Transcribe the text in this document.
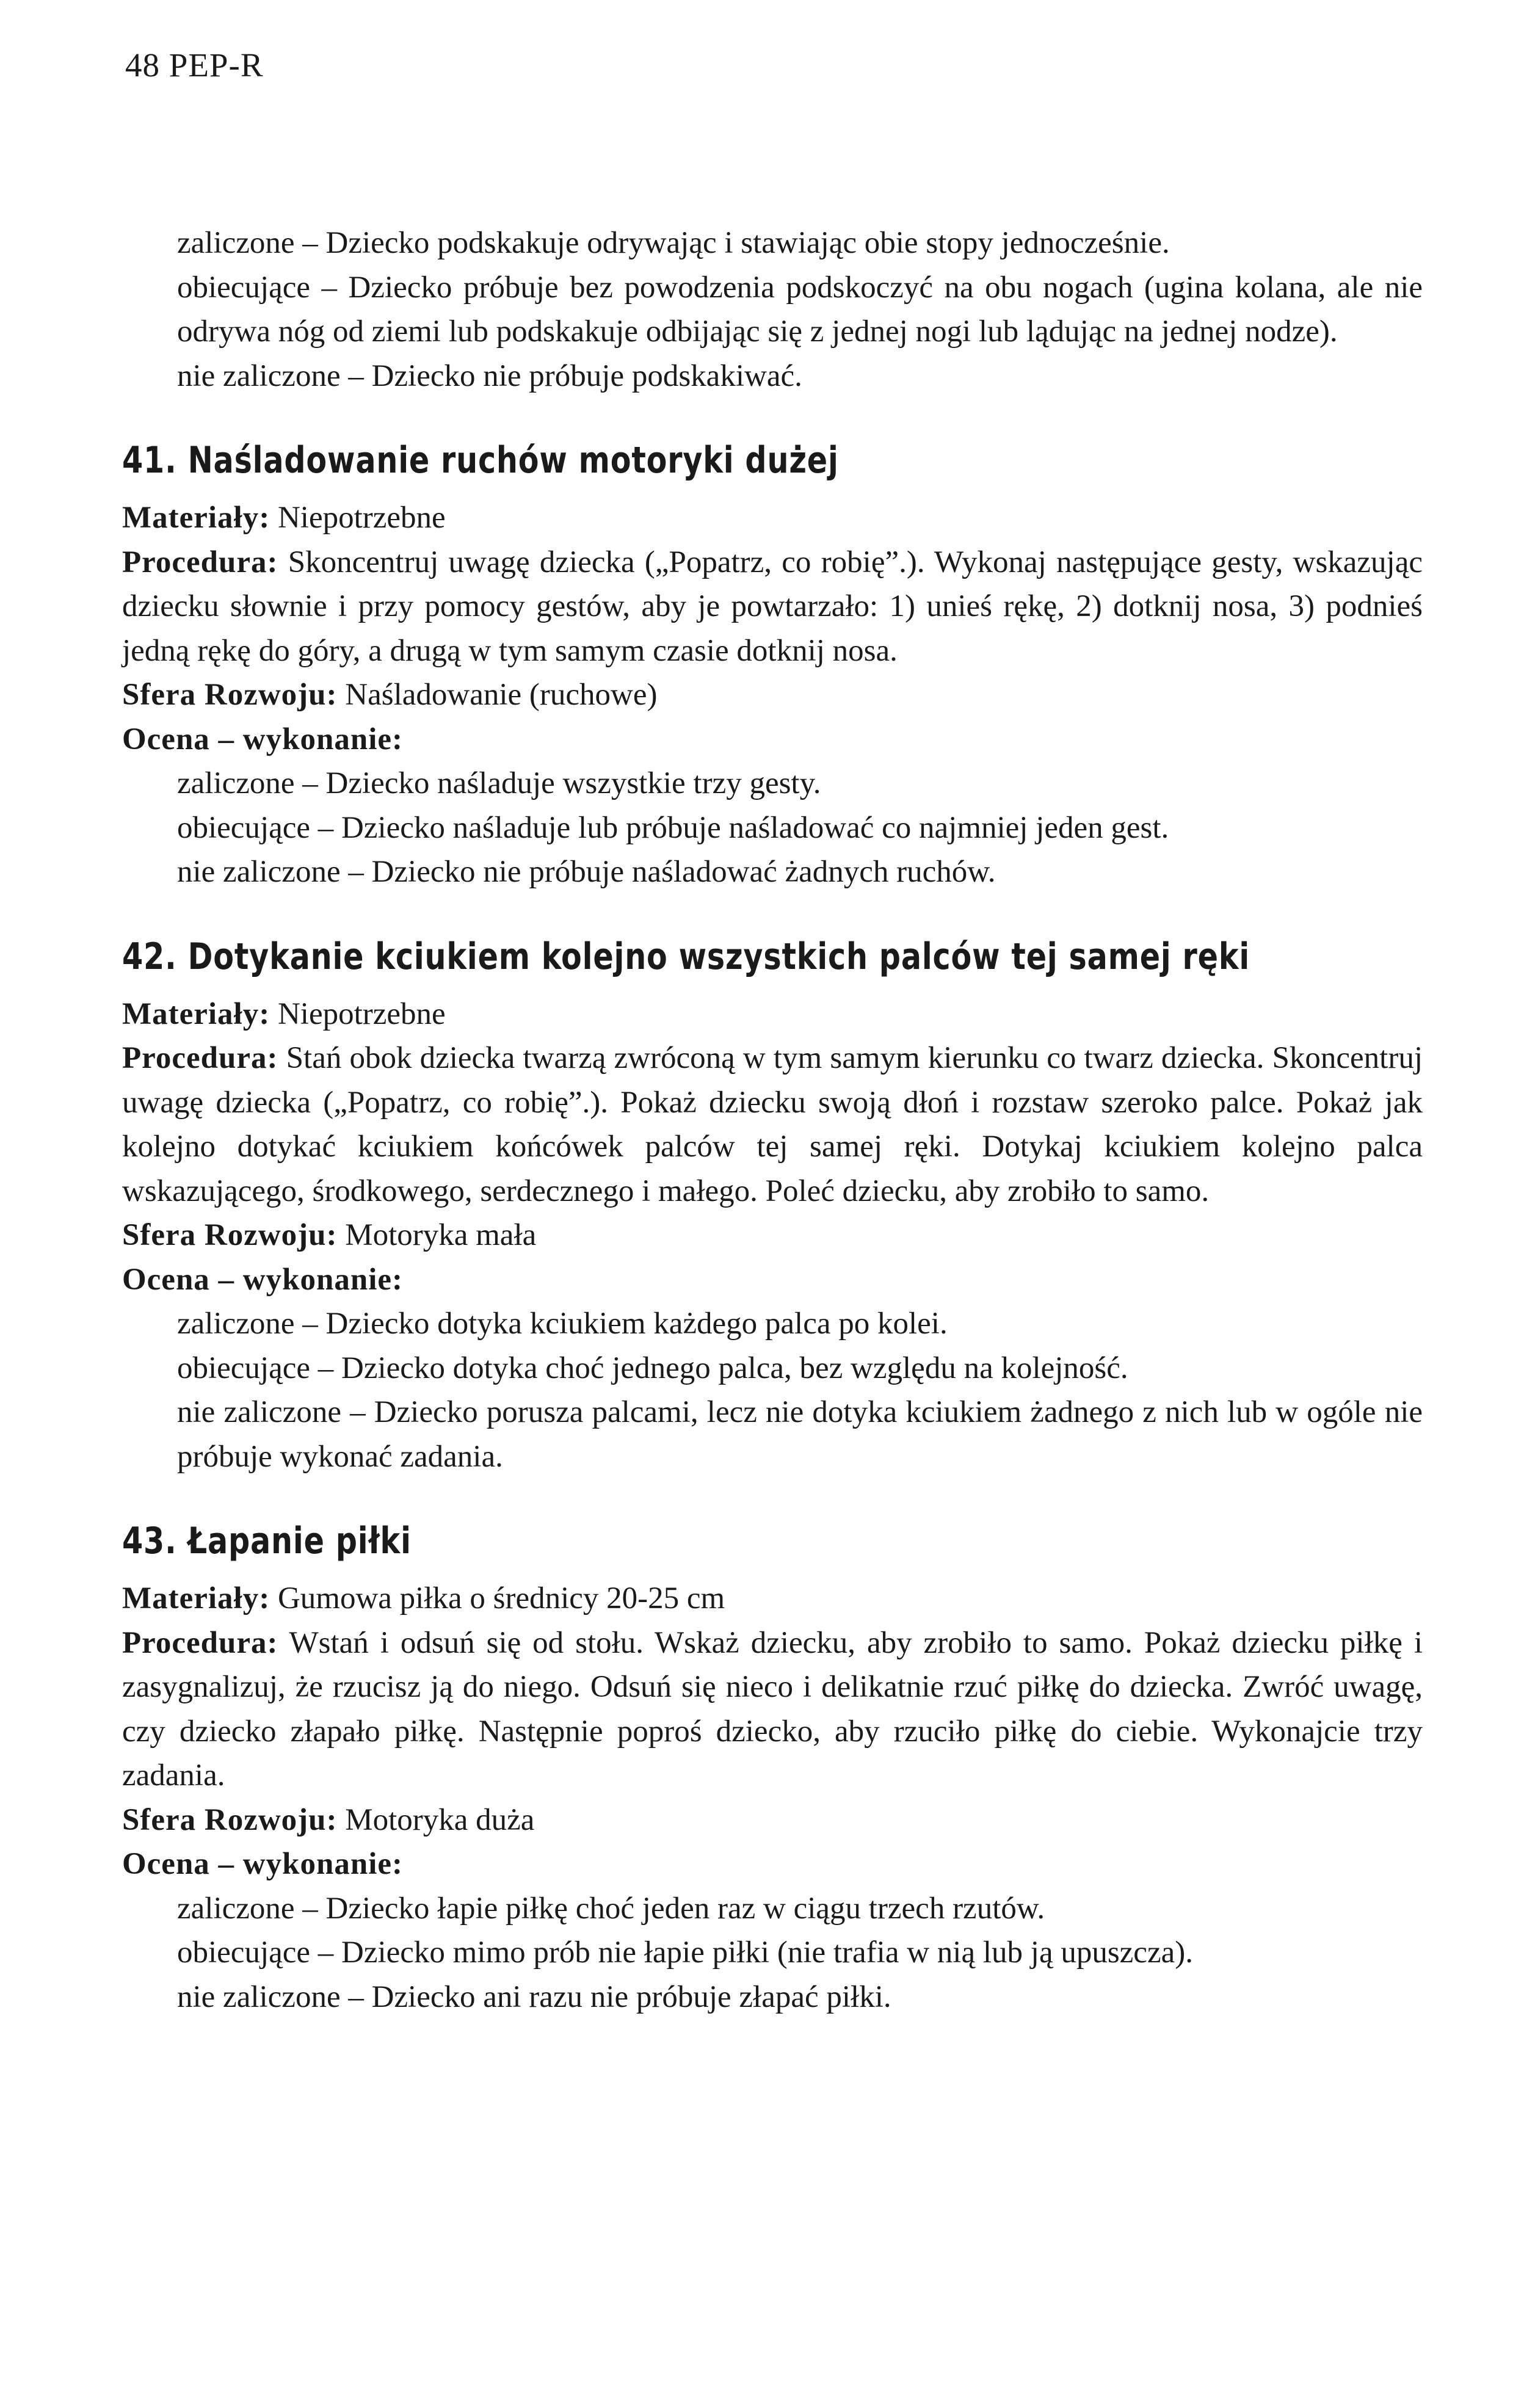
48 PEP-R

zaliczone – Dziecko podskakuje odrywając i stawiając obie stopy jednocześnie.

obiecujące – Dziecko próbuje bez powodzenia podskoczyć na obu nogach (ugina kolana, ale nie odrywa nóg od ziemi lub podskakuje odbijając się z jednej nogi lub lądując na jednej nodze).

nie zaliczone – Dziecko nie próbuje podskakiwać.

41. Naśladowanie ruchów motoryki dużej

Materiały: Niepotrzebne

Procedura: Skoncentruj uwagę dziecka („Popatrz, co robię”.). Wykonaj następujące gesty, wskazując dziecku słownie i przy pomocy gestów, aby je powtarzało: 1) unieś rękę, 2) dotknij nosa, 3) podnieś jedną rękę do góry, a drugą w tym samym czasie dotknij nosa.

Sfera Rozwoju: Naśladowanie (ruchowe)

Ocena – wykonanie:

zaliczone – Dziecko naśladuje wszystkie trzy gesty.

obiecujące – Dziecko naśladuje lub próbuje naśladować co najmniej jeden gest.

nie zaliczone – Dziecko nie próbuje naśladować żadnych ruchów.

42. Dotykanie kciukiem kolejno wszystkich palców tej samej ręki

Materiały: Niepotrzebne

Procedura: Stań obok dziecka twarzą zwróconą w tym samym kierunku co twarz dziecka. Skoncentruj uwagę dziecka („Popatrz, co robię”.). Pokaż dziecku swoją dłoń i rozstaw szeroko palce. Pokaż jak kolejno dotykać kciukiem końcówek palców tej samej ręki. Dotykaj kciukiem kolejno palca wskazującego, środkowego, serdecznego i małego. Poleć dziecku, aby zrobiło to samo.

Sfera Rozwoju: Motoryka mała

Ocena – wykonanie:

zaliczone – Dziecko dotyka kciukiem każdego palca po kolei.

obiecujące – Dziecko dotyka choć jednego palca, bez względu na kolejność.

nie zaliczone – Dziecko porusza palcami, lecz nie dotyka kciukiem żadnego z nich lub w ogóle nie próbuje wykonać zadania.

43. Łapanie piłki

Materiały: Gumowa piłka o średnicy 20-25 cm

Procedura: Wstań i odsuń się od stołu. Wskaż dziecku, aby zrobiło to samo. Pokaż dziecku piłkę i zasygnalizuj, że rzucisz ją do niego. Odsuń się nieco i delikatnie rzuć piłkę do dziecka. Zwróć uwagę, czy dziecko złapało piłkę. Następnie poproś dziecko, aby rzuciło piłkę do ciebie. Wykonajcie trzy zadania.

Sfera Rozwoju: Motoryka duża

Ocena – wykonanie:

zaliczone – Dziecko łapie piłkę choć jeden raz w ciągu trzech rzutów.

obiecujące – Dziecko mimo prób nie łapie piłki (nie trafia w nią lub ją upuszcza).

nie zaliczone – Dziecko ani razu nie próbuje złapać piłki.
